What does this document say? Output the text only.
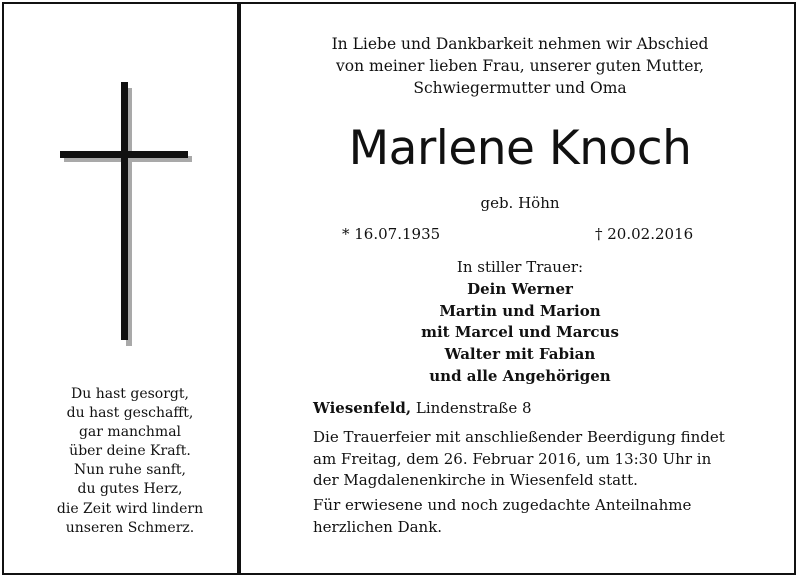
Du hast gesorgt,
du hast geschafft,
gar manchmal
über deine Kraft.
Nun ruhe sanft,
du gutes Herz,
die Zeit wird lindern
unseren Schmerz.
In Liebe und Dankbarkeit nehmen wir Abschied
von meiner lieben Frau, unserer guten Mutter,
Schwiegermutter und Oma
Marlene Knoch
geb. Höhn
* 16.07.1935	† 20.02.2016
In stiller Trauer:
Dein Werner
Martin und Marion
mit Marcel und Marcus
Walter mit Fabian
und alle Angehörigen
Wiesenfeld, Lindenstraße 8
Die Trauerfeier mit anschließender Beerdigung findet
am Freitag, dem 26. Februar 2016, um 13:30 Uhr in
der Magdalenenkirche in Wiesenfeld statt.
Für erwiesene und noch zugedachte Anteilnahme
herzlichen Dank.
